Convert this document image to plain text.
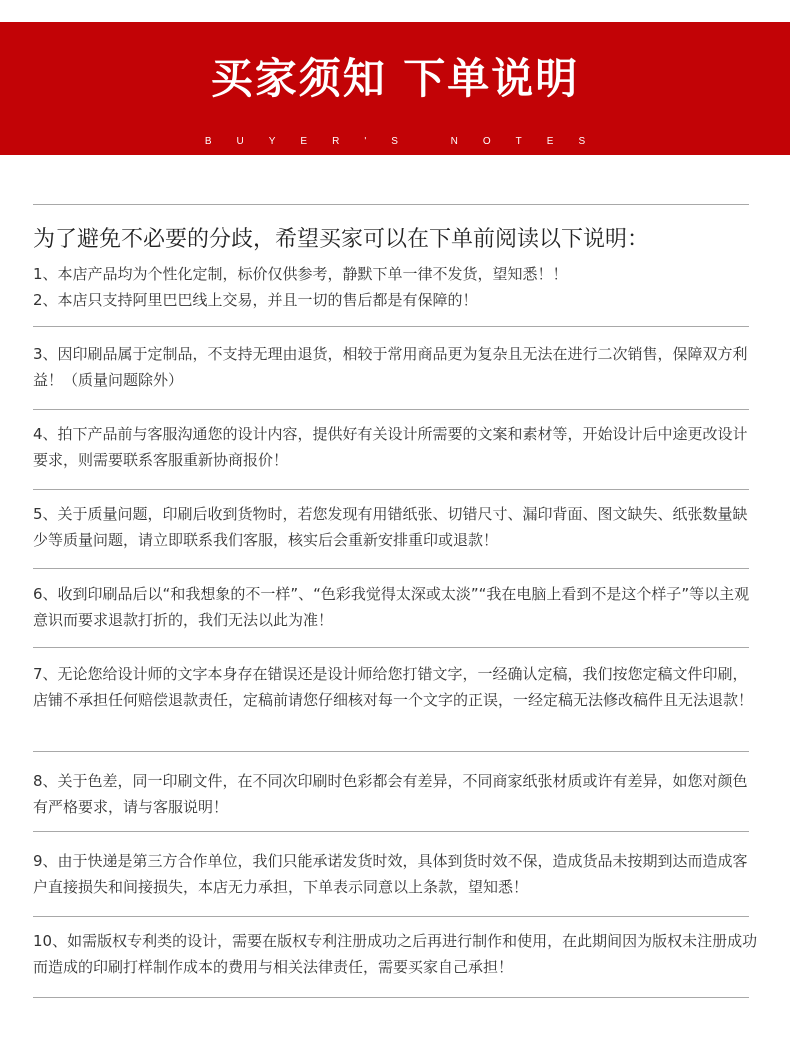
买家须知 下单说明
BUYER'S NOTES
为了避免不必要的分歧，希望买家可以在下单前阅读以下说明：
1、本店产品均为个性化定制，标价仅供参考，静默下单一律不发货，望知悉！！
2、本店只支持阿里巴巴线上交易，并且一切的售后都是有保障的！
3、因印刷品属于定制品，不支持无理由退货，相较于常用商品更为复杂且无法在进行二次销售，保障双方利益！（质量问题除外）
4、拍下产品前与客服沟通您的设计内容，提供好有关设计所需要的文案和素材等，开始设计后中途更改设计要求，则需要联系客服重新协商报价！
5、关于质量问题，印刷后收到货物时，若您发现有用错纸张、切错尺寸、漏印背面、图文缺失、纸张数量缺少等质量问题，请立即联系我们客服，核实后会重新安排重印或退款！
6、收到印刷品后以“和我想象的不一样”、“色彩我觉得太深或太淡”“我在电脑上看到不是这个样子”等以主观意识而要求退款打折的，我们无法以此为准！
7、无论您给设计师的文字本身存在错误还是设计师给您打错文字，一经确认定稿，我们按您定稿文件印刷，店铺不承担任何赔偿退款责任，定稿前请您仔细核对每一个文字的正误，一经定稿无法修改稿件且无法退款！
8、关于色差，同一印刷文件，在不同次印刷时色彩都会有差异，不同商家纸张材质或许有差异，如您对颜色有严格要求，请与客服说明！
9、由于快递是第三方合作单位，我们只能承诺发货时效，具体到货时效不保，造成货品未按期到达而造成客户直接损失和间接损失，本店无力承担，下单表示同意以上条款，望知悉！
10、如需版权专利类的设计，需要在版权专利注册成功之后再进行制作和使用，在此期间因为版权未注册成功而造成的印刷打样制作成本的费用与相关法律责任，需要买家自己承担！
